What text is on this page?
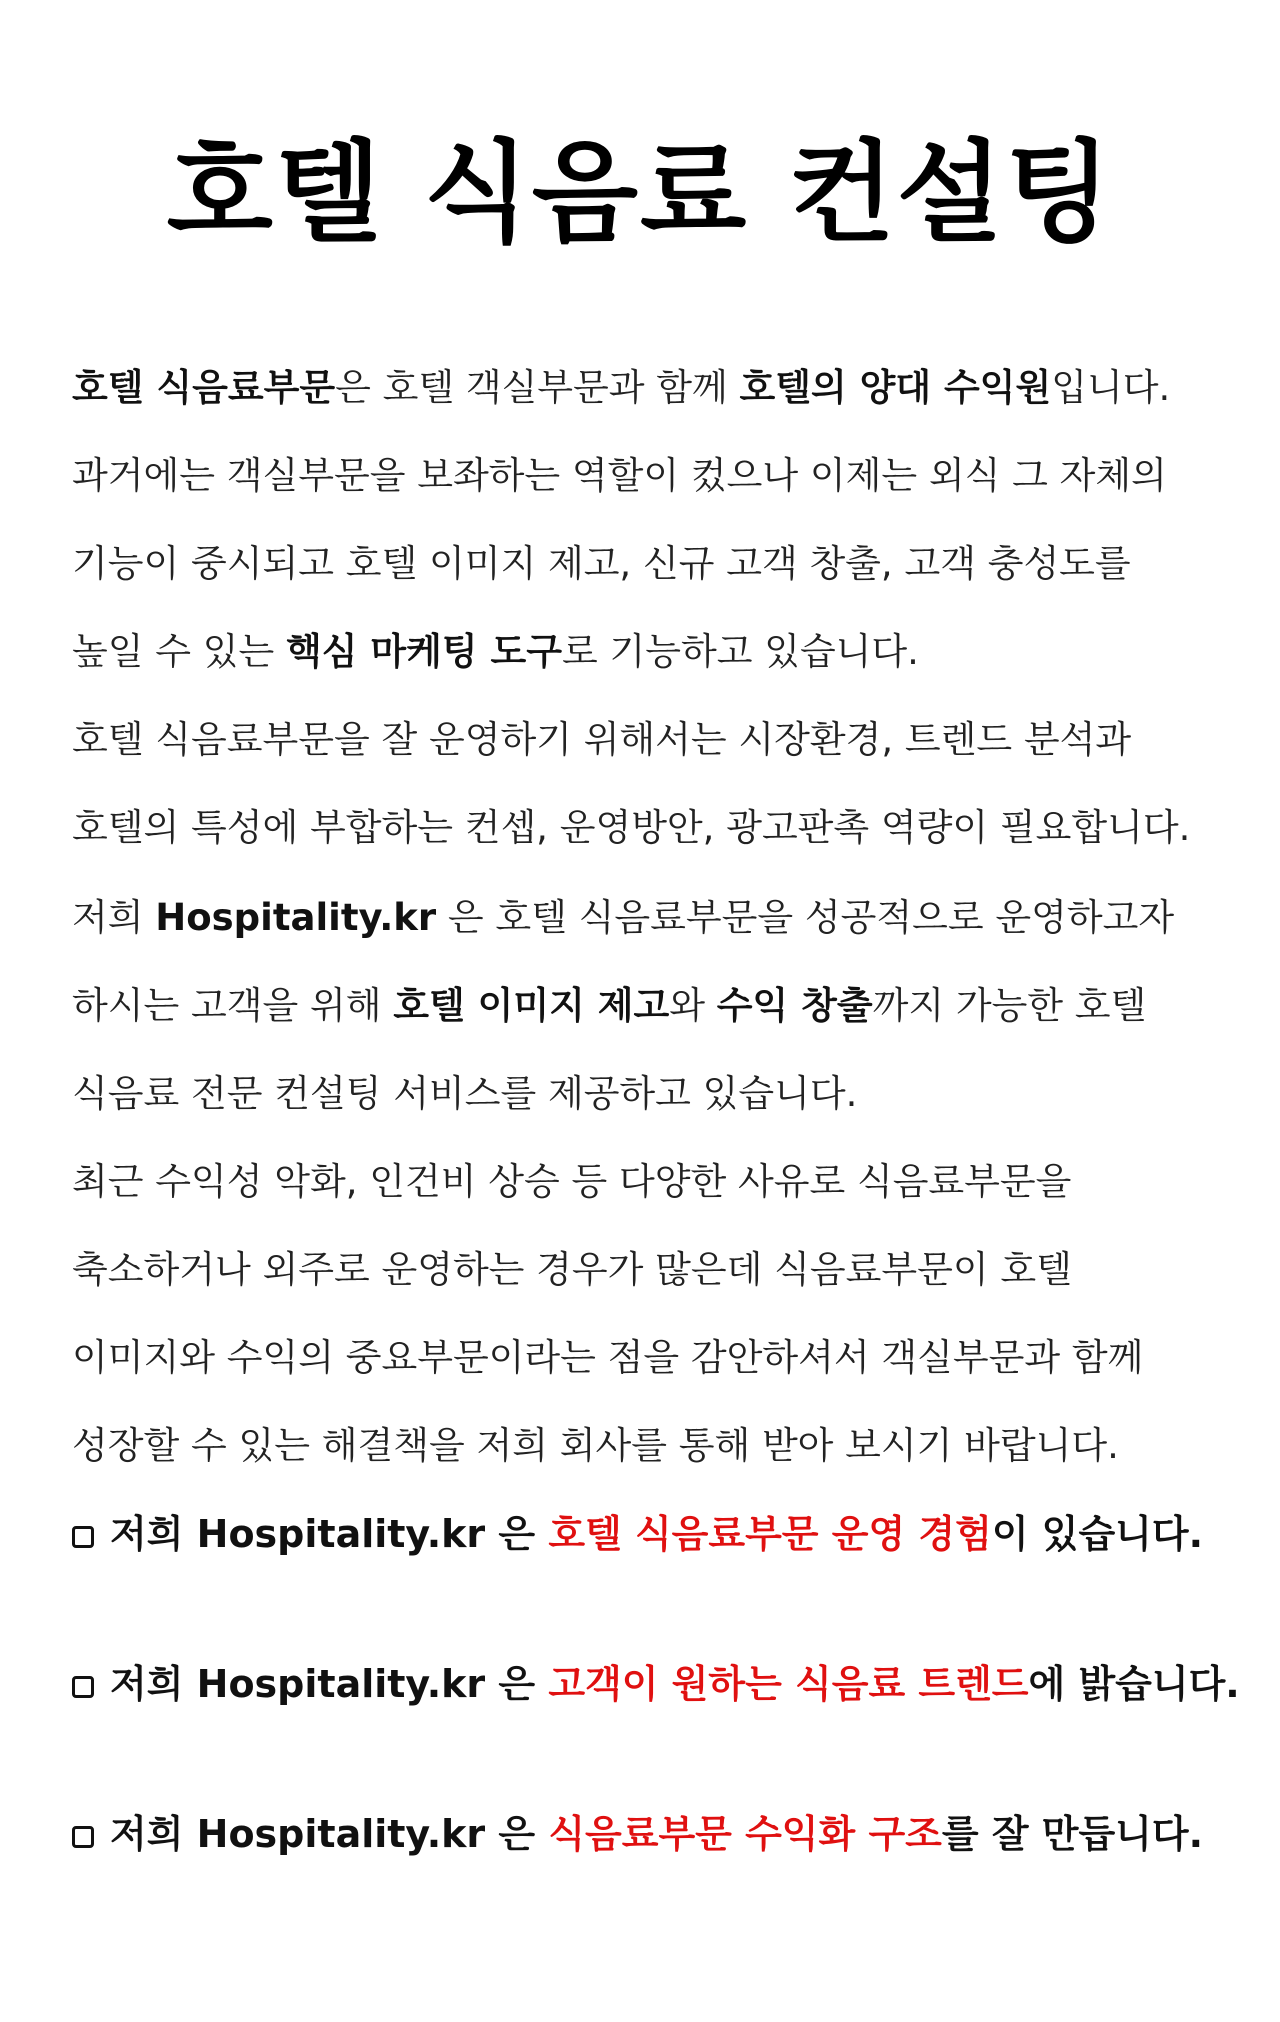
호텔 식음료 컨설팅
호텔 식음료부문은 호텔 객실부문과 함께 호텔의 양대 수익원입니다.
과거에는 객실부문을 보좌하는 역할이 컸으나 이제는 외식 그 자체의
기능이 중시되고 호텔 이미지 제고, 신규 고객 창출, 고객 충성도를
높일 수 있는 핵심 마케팅 도구로 기능하고 있습니다.
호텔 식음료부문을 잘 운영하기 위해서는 시장환경, 트렌드 분석과
호텔의 특성에 부합하는 컨셉, 운영방안, 광고판촉 역량이 필요합니다.
저희 Hospitality.kr 은 호텔 식음료부문을 성공적으로 운영하고자
하시는 고객을 위해 호텔 이미지 제고와 수익 창출까지 가능한 호텔
식음료 전문 컨설팅 서비스를 제공하고 있습니다.
최근 수익성 악화, 인건비 상승 등 다양한 사유로 식음료부문을
축소하거나 외주로 운영하는 경우가 많은데 식음료부문이 호텔
이미지와 수익의 중요부문이라는 점을 감안하셔서 객실부문과 함께
성장할 수 있는 해결책을 저희 회사를 통해 받아 보시기 바랍니다.
저희 Hospitality.kr 은 호텔 식음료부문 운영 경험이 있습니다.
저희 Hospitality.kr 은 고객이 원하는 식음료 트렌드에 밝습니다.
저희 Hospitality.kr 은 식음료부문 수익화 구조를 잘 만듭니다.
